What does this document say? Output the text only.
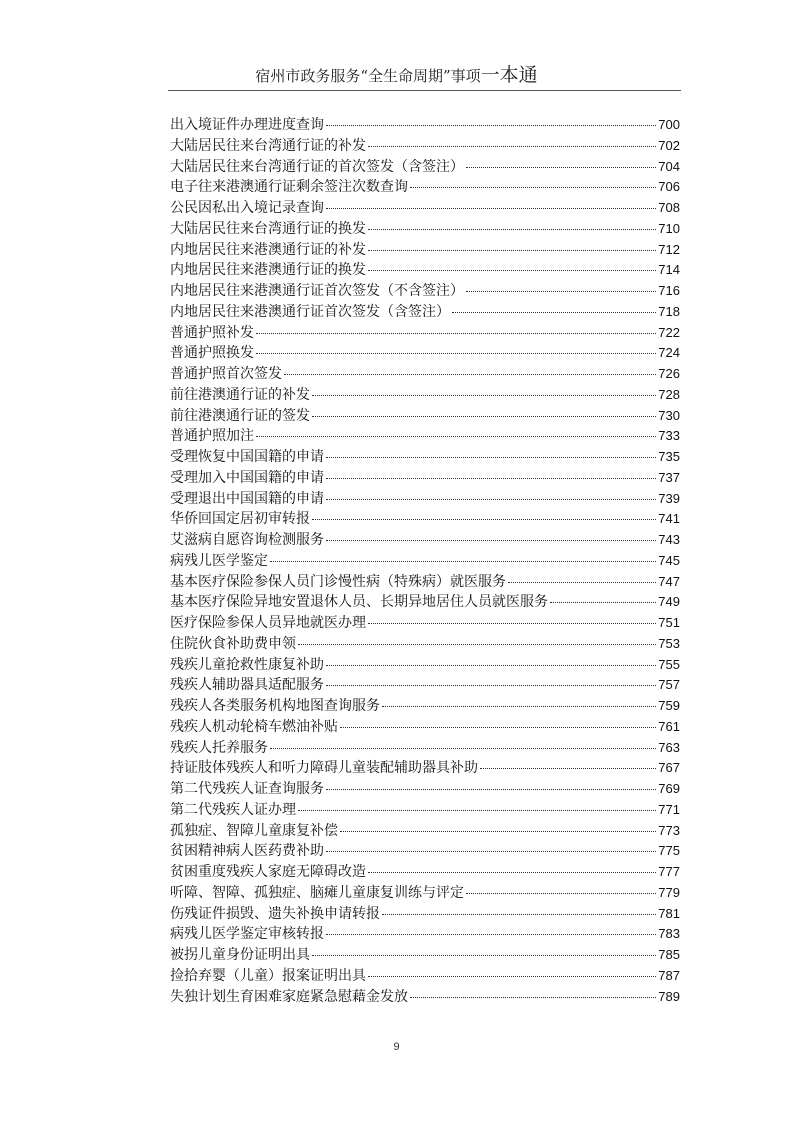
宿州市政务服务“全生命周期”事项一本通
出入境证件办理进度查询	700
大陆居民往来台湾通行证的补发	702
大陆居民往来台湾通行证的首次签发（含签注）	704
电子往来港澳通行证剩余签注次数查询	706
公民因私出入境记录查询	708
大陆居民往来台湾通行证的换发	710
内地居民往来港澳通行证的补发	712
内地居民往来港澳通行证的换发	714
内地居民往来港澳通行证首次签发（不含签注）	716
内地居民往来港澳通行证首次签发（含签注）	718
普通护照补发	722
普通护照换发	724
普通护照首次签发	726
前往港澳通行证的补发	728
前往港澳通行证的签发	730
普通护照加注	733
受理恢复中国国籍的申请	735
受理加入中国国籍的申请	737
受理退出中国国籍的申请	739
华侨回国定居初审转报	741
艾滋病自愿咨询检测服务	743
病残儿医学鉴定	745
基本医疗保险参保人员门诊慢性病（特殊病）就医服务	747
基本医疗保险异地安置退休人员、长期异地居住人员就医服务	749
医疗保险参保人员异地就医办理	751
住院伙食补助费申领	753
残疾儿童抢救性康复补助	755
残疾人辅助器具适配服务	757
残疾人各类服务机构地图查询服务	759
残疾人机动轮椅车燃油补贴	761
残疾人托养服务	763
持证肢体残疾人和听力障碍儿童装配辅助器具补助	767
第二代残疾人证查询服务	769
第二代残疾人证办理	771
孤独症、智障儿童康复补偿	773
贫困精神病人医药费补助	775
贫困重度残疾人家庭无障碍改造	777
听障、智障、孤独症、脑瘫儿童康复训练与评定	779
伤残证件损毁、遗失补换申请转报	781
病残儿医学鉴定审核转报	783
被拐儿童身份证明出具	785
捡拾弃婴（儿童）报案证明出具	787
失独计划生育困难家庭紧急慰藉金发放	789
9
